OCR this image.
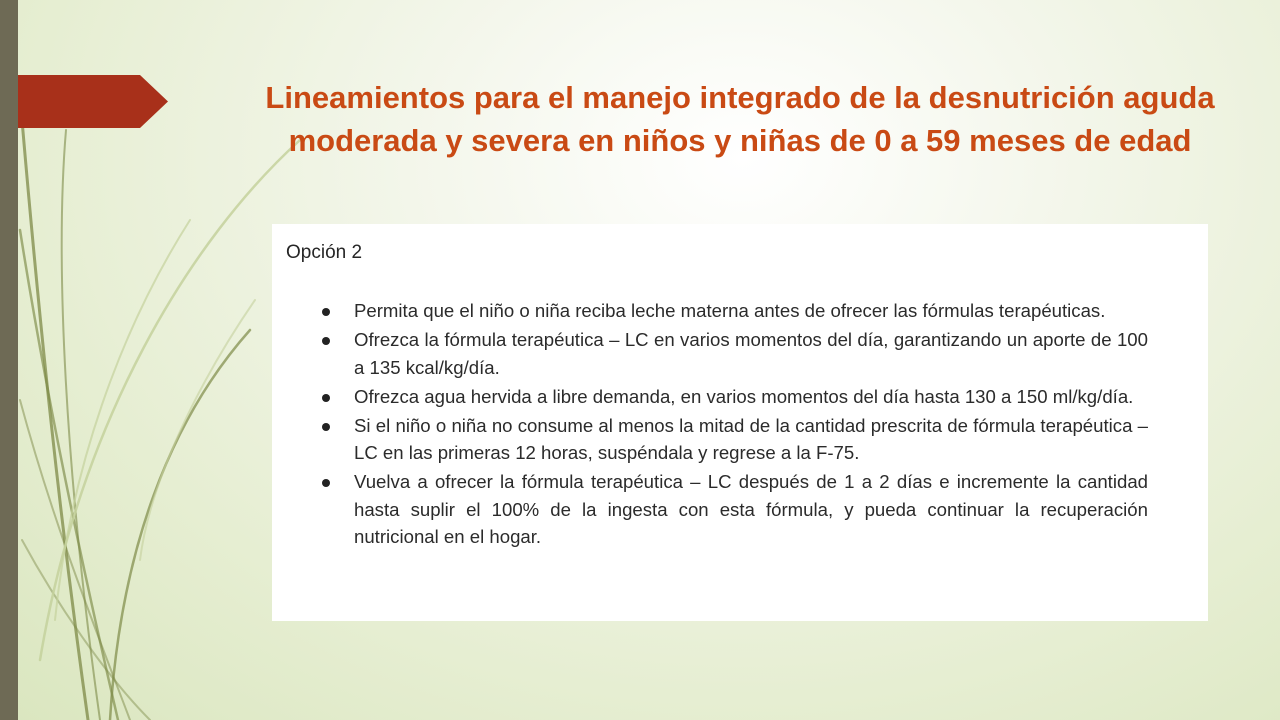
Lineamientos para el manejo integrado de la desnutrición aguda moderada y severa en niños y niñas de 0 a 59 meses de edad
Opción 2
Permita que el niño o niña reciba leche materna antes de ofrecer las fórmulas terapéuticas.
Ofrezca la fórmula terapéutica – LC en varios momentos del día, garantizando un aporte de 100 a 135 kcal/kg/día.
Ofrezca agua hervida a libre demanda, en varios momentos del día hasta 130 a 150 ml/kg/día.
Si el niño o niña no consume al menos la mitad de la cantidad prescrita de fórmula terapéutica – LC en las primeras 12 horas, suspéndala y regrese a la F-75.
Vuelva a ofrecer la fórmula terapéutica – LC después de 1 a 2 días e incremente la cantidad hasta suplir el 100% de la ingesta con esta fórmula, y pueda continuar la recuperación nutricional en el hogar.
